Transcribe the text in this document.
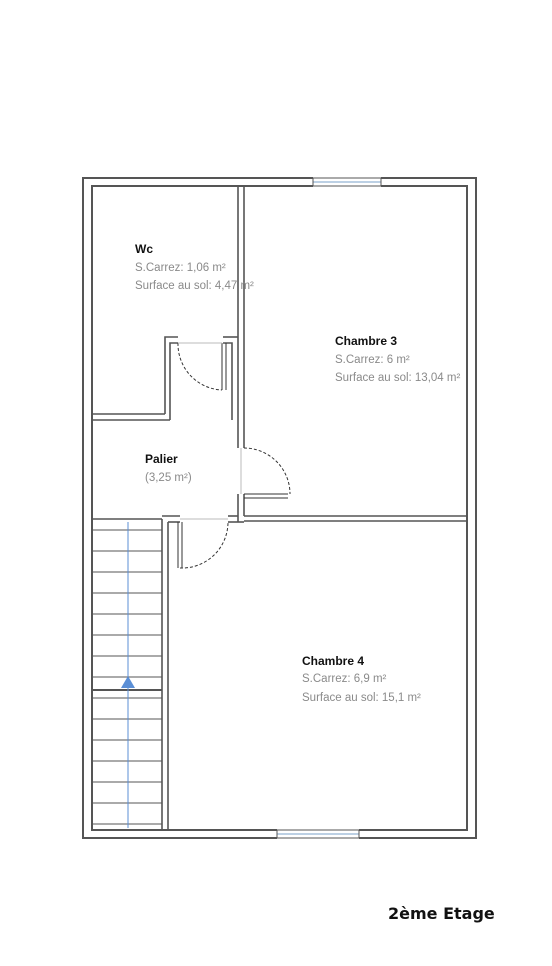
Wc
S.Carrez: 1,06 m²
Surface au sol: 4,47 m²
Chambre 3
S.Carrez: 6 m²
Surface au sol: 13,04 m²
Palier
(3,25 m²)
Chambre 4
S.Carrez: 6,9 m²
Surface au sol: 15,1 m²
2ème Etage
